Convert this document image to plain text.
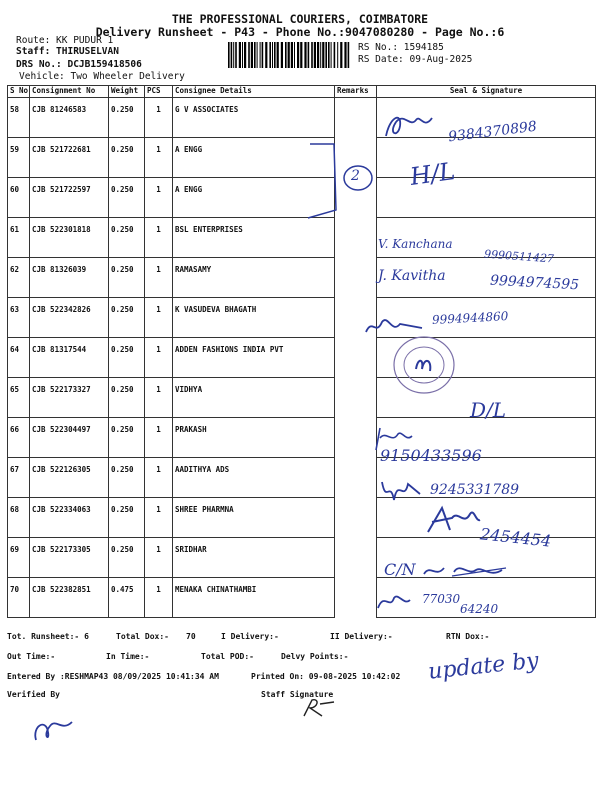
THE PROFESSIONAL COURIERS, COIMBATORE
Delivery Runsheet - P43 - Phone No.:9047080280 - Page No.:6
Route: KK PUDUR 1
Staff: THIRUSELVAN
DRS No.: DCJB159418506
Vehicle: Two Wheeler Delivery
RS No.: 1594185
RS Date: 09-Aug-2025
S No	Consignment No	Weight	PCS	Consignee Details	Remarks	Seal & Signature
58	CJB 81246583	0.250	1	G V ASSOCIATES		
59	CJB 521722681	0.250	1	A ENGG		
60	CJB 521722597	0.250	1	A ENGG		
61	CJB 522301818	0.250	1	BSL ENTERPRISES		
62	CJB 81326039	0.250	1	RAMASAMY		
63	CJB 522342826	0.250	1	K VASUDEVA BHAGATH		
64	CJB 81317544	0.250	1	ADDEN FASHIONS INDIA PVT		
65	CJB 522173327	0.250	1	VIDHYA		
66	CJB 522304497	0.250	1	PRAKASH		
67	CJB 522126305	0.250	1	AADITHYA ADS		
68	CJB 522334063	0.250	1	SHREE PHARMNA		
69	CJB 522173305	0.250	1	SRIDHAR		
70	CJB 522382851	0.475	1	MENAKA CHINATHAMBI		
9384370898
2 H/L
V. Kanchana
9990511427
J. Kavitha	9994974595
9994944860
D/L
9150433596
9245331789
2454454
C/N
77030
64240
Tot. Runsheet:- 6	Total Dox:- 70	I Delivery:-	II Delivery:-	RTN Dox:-
Out Time:-	In Time:-	Total POD:-	Delvy Points:-
Entered By :RESHMAP43 08/09/2025 10:41:34 AM	Printed On: 09-08-2025 10:42:02 update by
Verified By	Staff Signature
